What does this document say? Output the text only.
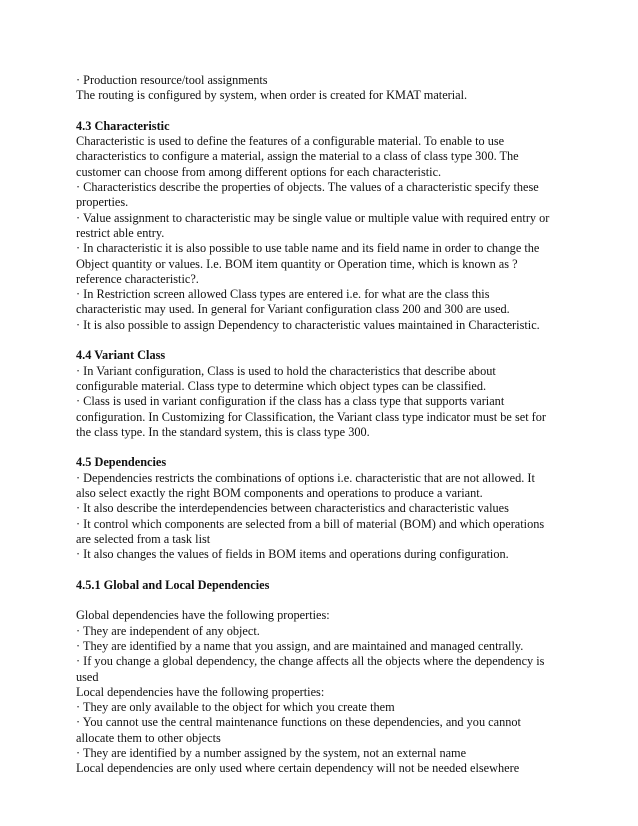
· Production resource/tool assignments
The routing is configured by system, when order is created for KMAT material.
4.3 Characteristic
Characteristic is used to define the features of a configurable material. To enable to use
characteristics to configure a material, assign the material to a class of class type 300. The
customer can choose from among different options for each characteristic.
· Characteristics describe the properties of objects. The values of a characteristic specify these
properties.
· Value assignment to characteristic may be single value or multiple value with required entry or
restrict able entry.
· In characteristic it is also possible to use table name and its field name in order to change the
Object quantity or values. I.e. BOM item quantity or Operation time, which is known as ?
reference characteristic?.
· In Restriction screen allowed Class types are entered i.e. for what are the class this
characteristic may used. In general for Variant configuration class 200 and 300 are used.
· It is also possible to assign Dependency to characteristic values maintained in Characteristic.
4.4 Variant Class
· In Variant configuration, Class is used to hold the characteristics that describe about
configurable material. Class type to determine which object types can be classified.
· Class is used in variant configuration if the class has a class type that supports variant
configuration. In Customizing for Classification, the Variant class type indicator must be set for
the class type. In the standard system, this is class type 300.
4.5 Dependencies
· Dependencies restricts the combinations of options i.e. characteristic that are not allowed. It
also select exactly the right BOM components and operations to produce a variant.
· It also describe the interdependencies between characteristics and characteristic values
· It control which components are selected from a bill of material (BOM) and which operations
are selected from a task list
· It also changes the values of fields in BOM items and operations during configuration.
4.5.1 Global and Local Dependencies
Global dependencies have the following properties:
· They are independent of any object.
· They are identified by a name that you assign, and are maintained and managed centrally.
· If you change a global dependency, the change affects all the objects where the dependency is
used
Local dependencies have the following properties:
· They are only available to the object for which you create them
· You cannot use the central maintenance functions on these dependencies, and you cannot
allocate them to other objects
· They are identified by a number assigned by the system, not an external name
Local dependencies are only used where certain dependency will not be needed elsewhere
